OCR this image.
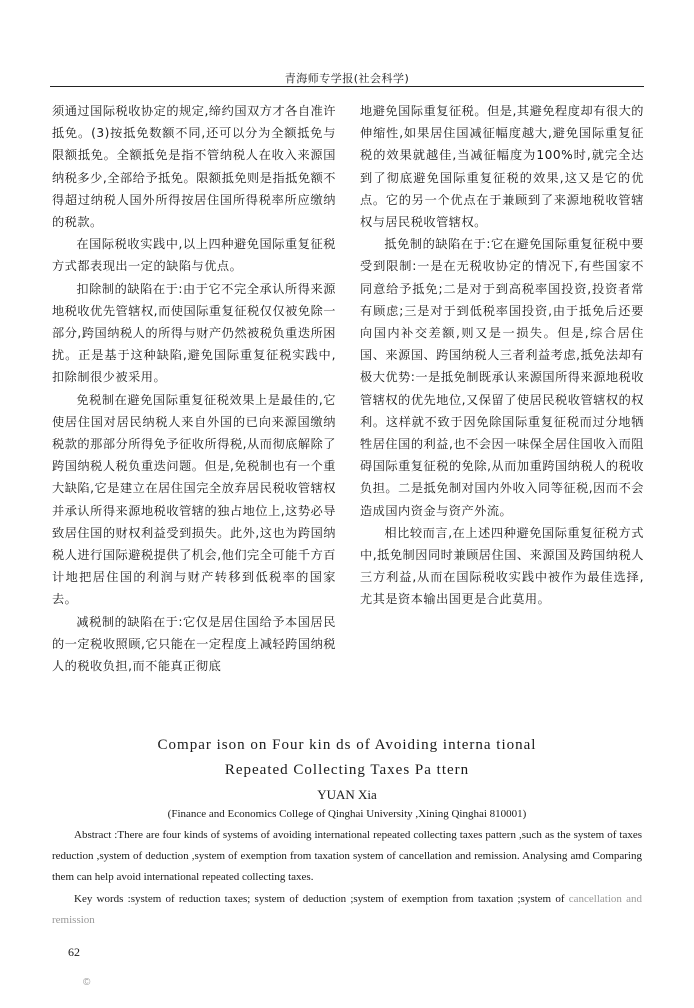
青海师专学报(社会科学)

须通过国际税收协定的规定,缔约国双方才各自准许抵免。(3)按抵免数额不同,还可以分为全额抵免与限额抵免。全额抵免是指不管纳税人在收入来源国纳税多少,全部给予抵免。限额抵免则是指抵免额不得超过纳税人国外所得按居住国所得税率所应缴纳的税款。

在国际税收实践中,以上四种避免国际重复征税方式都表现出一定的缺陷与优点。

扣除制的缺陷在于:由于它不完全承认所得来源地税收优先管辖权,而使国际重复征税仅仅被免除一部分,跨国纳税人的所得与财产仍然被税负重迭所困扰。正是基于这种缺陷,避免国际重复征税实践中,扣除制很少被采用。

免税制在避免国际重复征税效果上是最佳的,它使居住国对居民纳税人来自外国的已向来源国缴纳税款的那部分所得免予征收所得税,从而彻底解除了跨国纳税人税负重迭问题。但是,免税制也有一个重大缺陷,它是建立在居住国完全放弃居民税收管辖权并承认所得来源地税收管辖的独占地位上,这势必导致居住国的财权利益受到损失。此外,这也为跨国纳税人进行国际避税提供了机会,他们完全可能千方百计地把居住国的利润与财产转移到低税率的国家去。

减税制的缺陷在于:它仅是居住国给予本国居民的一定税收照顾,它只能在一定程度上减轻跨国纳税人的税收负担,而不能真正彻底

地避免国际重复征税。但是,其避免程度却有很大的伸缩性,如果居住国减征幅度越大,避免国际重复征税的效果就越佳,当减征幅度为100%时,就完全达到了彻底避免国际重复征税的效果,这又是它的优点。它的另一个优点在于兼顾到了来源地税收管辖权与居民税收管辖权。

抵免制的缺陷在于:它在避免国际重复征税中要受到限制:一是在无税收协定的情况下,有些国家不同意给予抵免;二是对于到高税率国投资,投资者常有顾虑;三是对于到低税率国投资,由于抵免后还要向国内补交差额,则又是一损失。但是,综合居住国、来源国、跨国纳税人三者利益考虑,抵免法却有极大优势:一是抵免制既承认来源国所得来源地税收管辖权的优先地位,又保留了使居民税收管辖权的权利。这样就不致于因免除国际重复征税而过分地牺牲居住国的利益,也不会因一味保全居住国收入而阻碍国际重复征税的免除,从而加重跨国纳税人的税收负担。二是抵免制对国内外收入同等征税,因而不会造成国内资金与资产外流。

相比较而言,在上述四种避免国际重复征税方式中,抵免制因同时兼顾居住国、来源国及跨国纳税人三方利益,从而在国际税收实践中被作为最佳选择,尤其是资本输出国更是合此莫用。

Compar ison on Four kin ds of Avoiding interna tional
Repeated Collecting Taxes Pa ttern
YUAN Xia
(Finance and Economics College of Qinghai University ,Xining Qinghai 810001)
Abstract :There are four kinds of systems of avoiding international repeated collecting taxes pattern ,such as the system of taxes reduction ,system of deduction ,system of exemption from taxation system of cancellation and remission. Analysing amd Comparing them can help avoid international repeated collecting taxes.
Key words :system of reduction taxes; system of deduction ;system of exemption from taxation ;system of cancellation and remission
62
©
